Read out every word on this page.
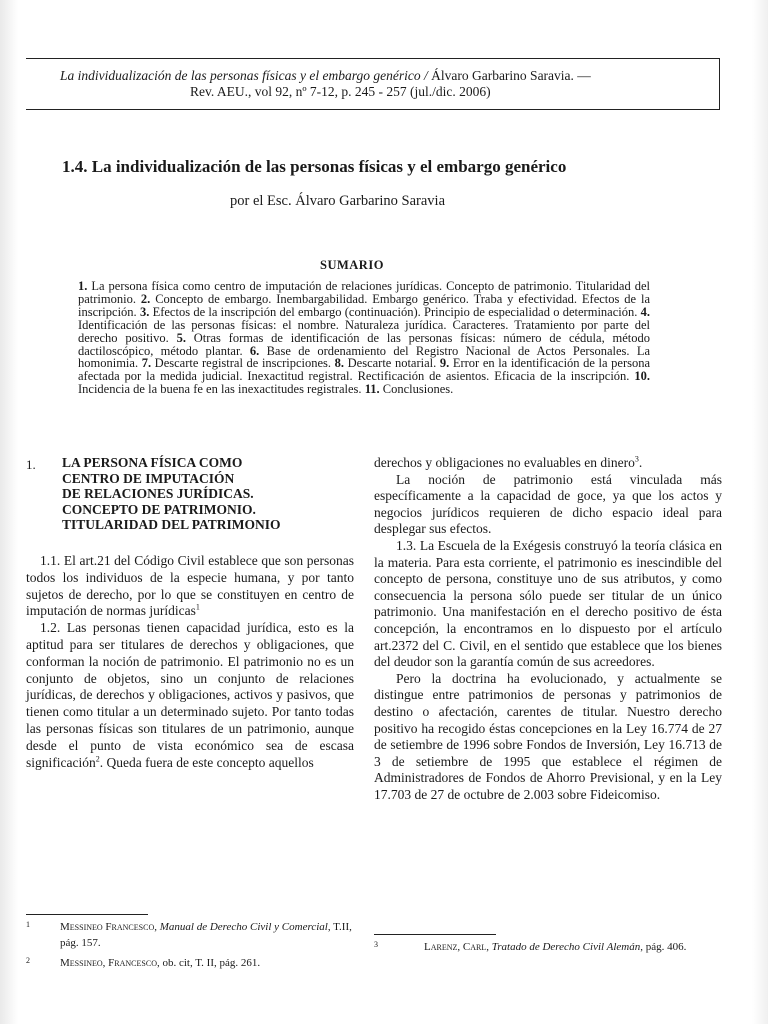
La individualización de las personas físicas y el embargo genérico / Álvaro Garbarino Saravia. —
Rev. AEU., vol 92, nº 7-12, p. 245 - 257 (jul./dic. 2006)
1.4. La individualización de las personas físicas y el embargo genérico
por el Esc. Álvaro Garbarino Saravia
SUMARIO
1. La persona física como centro de imputación de relaciones jurídicas. Concepto de patrimonio. Titularidad del patrimonio. 2. Concepto de embargo. Inembargabilidad. Embargo genérico. Traba y efectividad. Efectos de la inscripción. 3. Efectos de la inscripción del embargo (continuación). Principio de especialidad o determinación. 4. Identificación de las personas físicas: el nombre. Naturaleza jurídica. Caracteres. Tratamiento por parte del derecho positivo. 5. Otras formas de identificación de las personas físicas: número de cédula, método dactiloscópico, método plantar. 6. Base de ordenamiento del Registro Nacional de Actos Personales. La homonimia. 7. Descarte registral de inscripciones. 8. Descarte notarial. 9. Error en la identificación de la persona afectada por la medida judicial. Inexactitud registral. Rectificación de asientos. Eficacia de la inscripción. 10. Incidencia de la buena fe en las inexactitudes registrales. 11. Conclusiones.
1. LA PERSONA FÍSICA COMO
CENTRO DE IMPUTACIÓN
DE RELACIONES JURÍDICAS.
CONCEPTO DE PATRIMONIO.
TITULARIDAD DEL PATRIMONIO

1.1. El art.21 del Código Civil establece que son personas todos los individuos de la especie humana, y por tanto sujetos de derecho, por lo que se constituyen en centro de imputación de normas jurídicas$^1$

1.2. Las personas tienen capacidad jurídica, esto es la aptitud para ser titulares de derechos y obligaciones, que conforman la noción de patrimonio. El patrimonio no es un conjunto de objetos, sino un conjunto de relaciones jurídicas, de derechos y obligaciones, activos y pasivos, que tienen como titular a un determinado sujeto. Por tanto todas las personas físicas son titulares de un patrimonio, aunque desde el punto de vista económico sea de escasa significación$^2$. Queda fuera de este concepto aquellos

derechos y obligaciones no evaluables en dinero$^3$.

La noción de patrimonio está vinculada más específicamente a la capacidad de goce, ya que los actos y negocios jurídicos requieren de dicho espacio ideal para desplegar sus efectos.

1.3. La Escuela de la Exégesis construyó la teoría clásica en la materia. Para esta corriente, el patrimonio es inescindible del concepto de persona, constituye uno de sus atributos, y como consecuencia la persona sólo puede ser titular de un único patrimonio. Una manifestación en el derecho positivo de ésta concepción, la encontramos en lo dispuesto por el artículo art.2372 del C. Civil, en el sentido que establece que los bienes del deudor son la garantía común de sus acreedores.

Pero la doctrina ha evolucionado, y actualmente se distingue entre patrimonios de personas y patrimonios de destino o afectación, carentes de titular. Nuestro derecho positivo ha recogido éstas concepciones en la Ley 16.774 de 27 de setiembre de 1996 sobre Fondos de Inversión, Ley 16.713 de 3 de setiembre de 1995 que establece el régimen de Administradores de Fondos de Ahorro Previsional, y en la Ley 17.703 de 27 de octubre de 2.003 sobre Fideicomiso.

1	Messineo Francesco, Manual de Derecho Civil y Comercial, T.II, pág. 157.
2	Messineo, Francesco, ob. cit, T. II, pág. 261.
3	Larenz, Carl, Tratado de Derecho Civil Alemán, pág. 406.
